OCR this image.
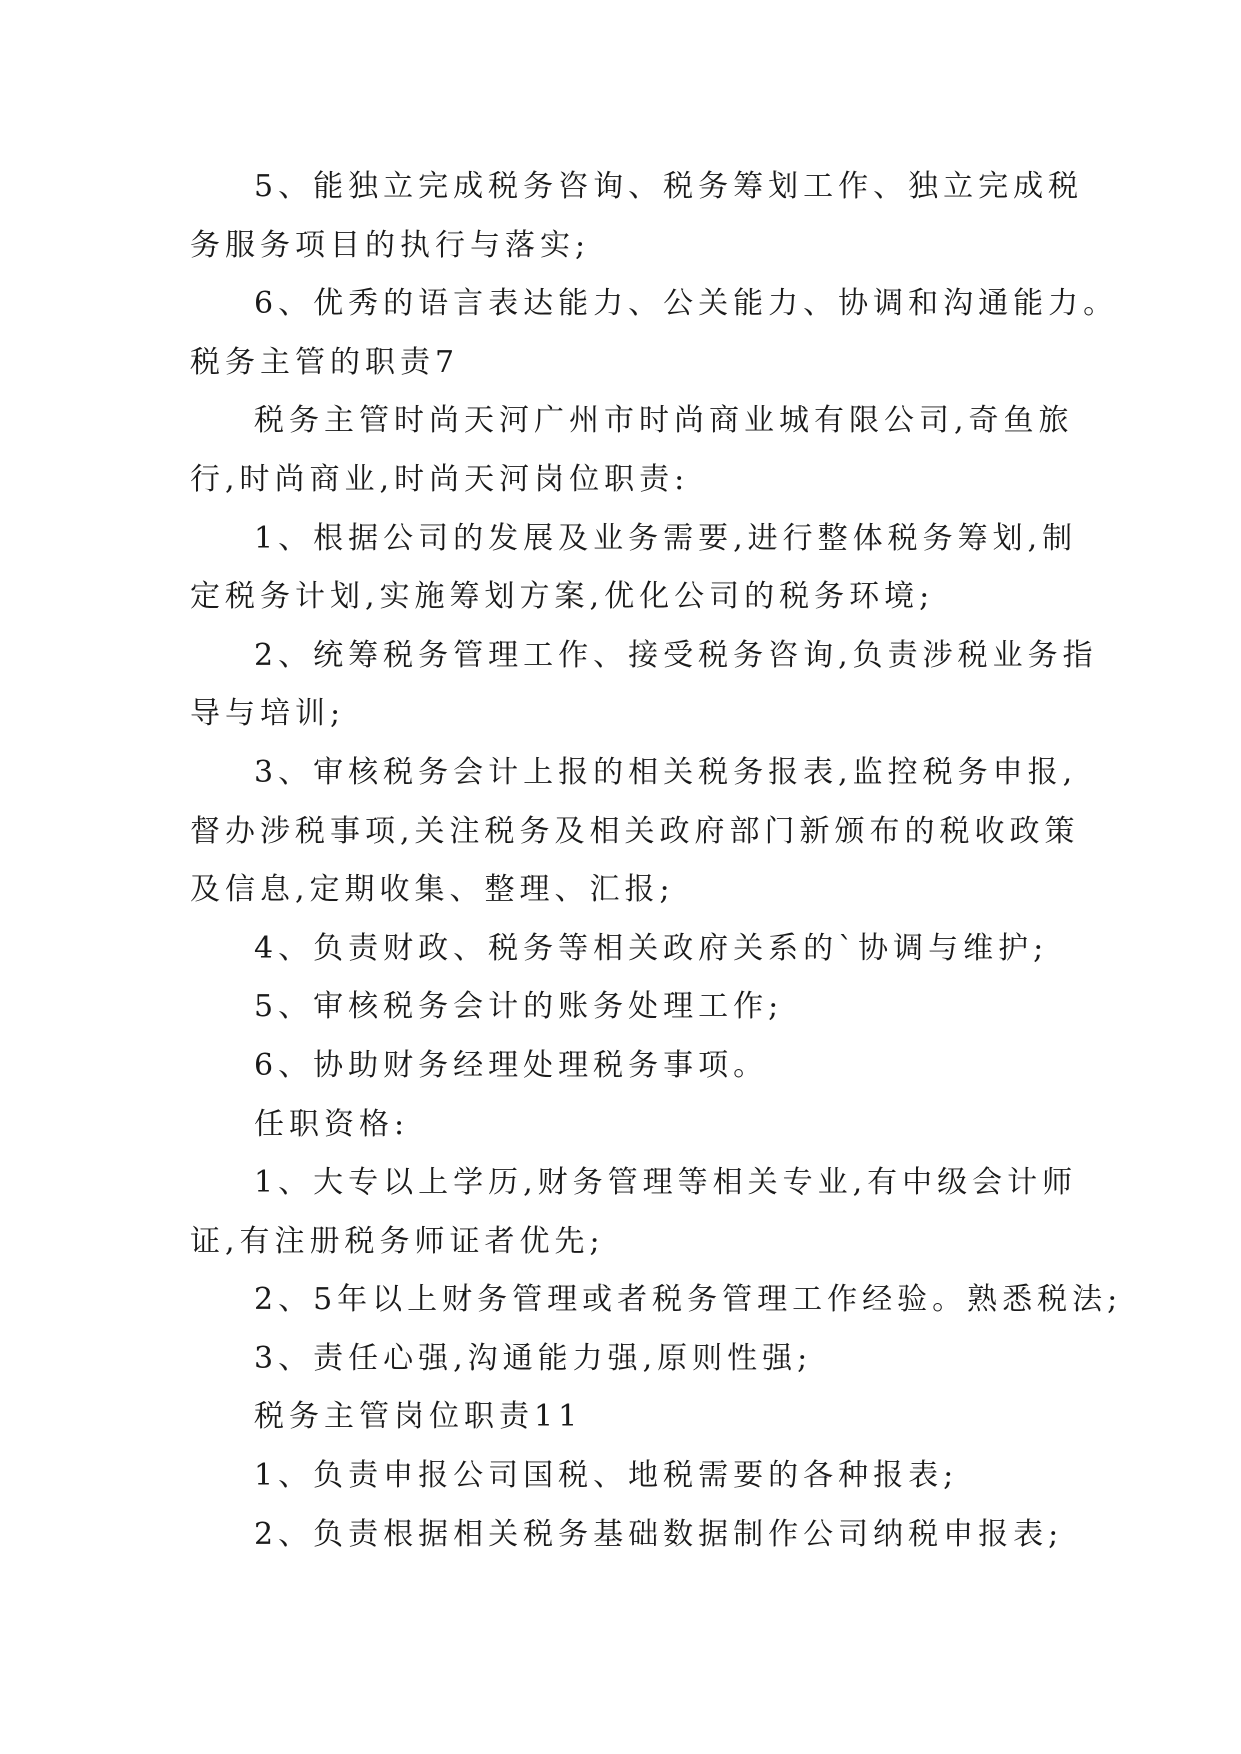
5、能独立完成税务咨询、税务筹划工作、独立完成税

务服务项目的执行与落实;

6、优秀的语言表达能力、公关能力、协调和沟通能力。

税务主管的职责7

税务主管时尚天河广州市时尚商业城有限公司,奇鱼旅

行,时尚商业,时尚天河岗位职责:

1、根据公司的发展及业务需要,进行整体税务筹划,制

定税务计划,实施筹划方案,优化公司的税务环境;

2、统筹税务管理工作、接受税务咨询,负责涉税业务指

导与培训;

3、审核税务会计上报的相关税务报表,监控税务申报,

督办涉税事项,关注税务及相关政府部门新颁布的税收政策

及信息,定期收集、整理、汇报;

4、负责财政、税务等相关政府关系的`协调与维护;

5、审核税务会计的账务处理工作;

6、协助财务经理处理税务事项。

任职资格:

1、大专以上学历,财务管理等相关专业,有中级会计师

证,有注册税务师证者优先;

2、5年以上财务管理或者税务管理工作经验。熟悉税法;

3、责任心强,沟通能力强,原则性强;

税务主管岗位职责11

1、负责申报公司国税、地税需要的各种报表;

2、负责根据相关税务基础数据制作公司纳税申报表;
